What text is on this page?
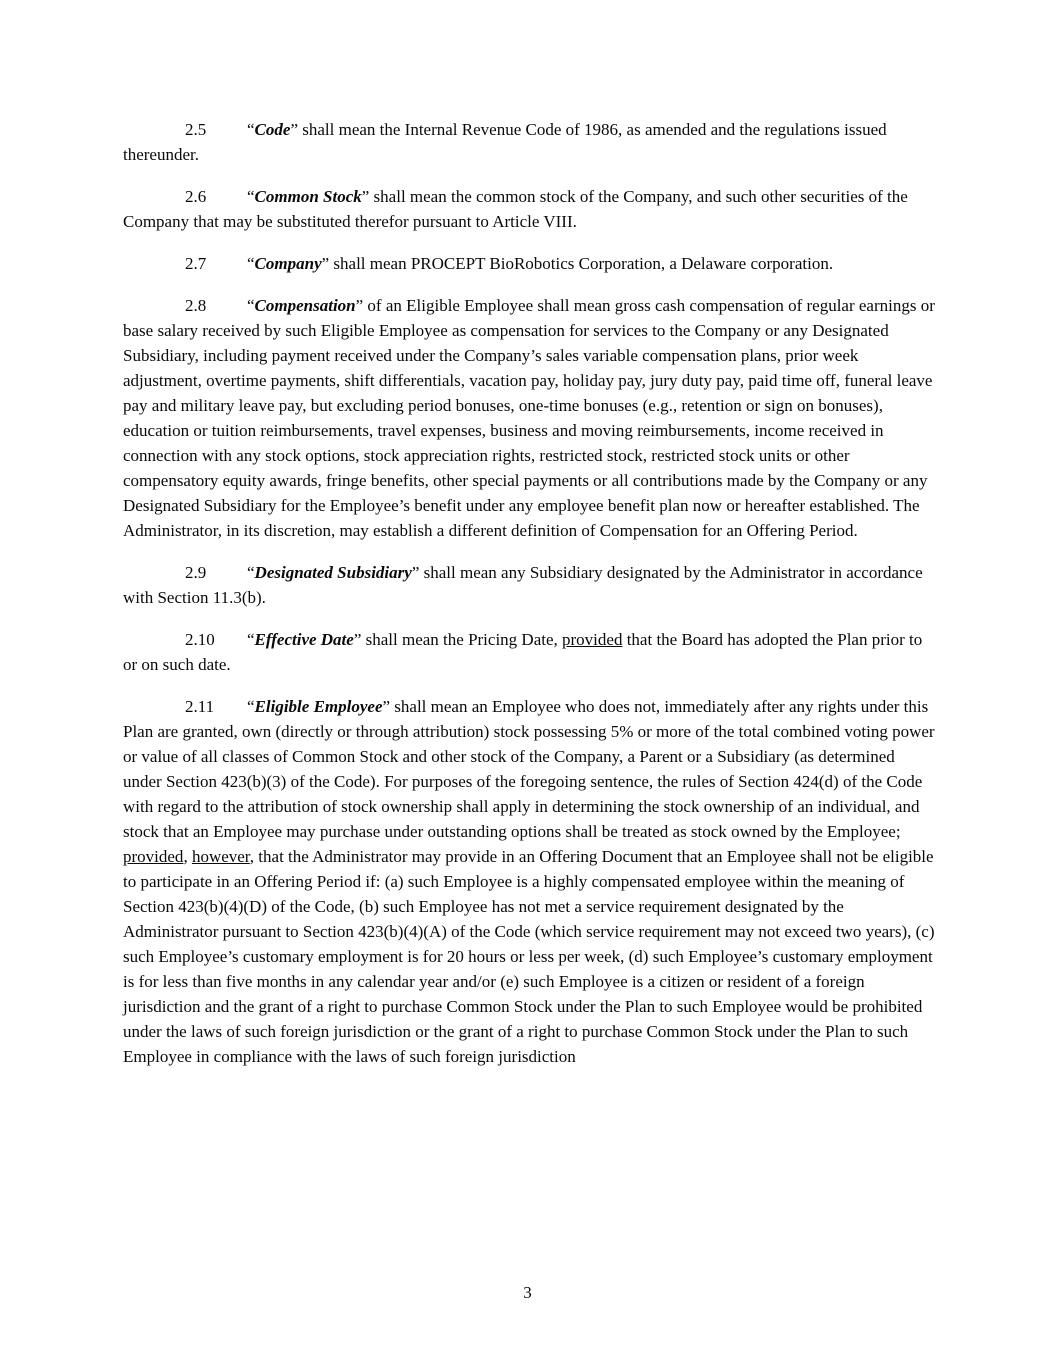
2.5 “Code” shall mean the Internal Revenue Code of 1986, as amended and the regulations issued thereunder.

2.6 “Common Stock” shall mean the common stock of the Company, and such other securities of the Company that may be substituted therefor pursuant to Article VIII.

2.7 “Company” shall mean PROCEPT BioRobotics Corporation, a Delaware corporation.

2.8 “Compensation” of an Eligible Employee shall mean gross cash compensation of regular earnings or base salary received by such Eligible Employee as compensation for services to the Company or any Designated Subsidiary, including payment received under the Company’s sales variable compensation plans, prior week adjustment, overtime payments, shift differentials, vacation pay, holiday pay, jury duty pay, paid time off, funeral leave pay and military leave pay, but excluding period bonuses, one-time bonuses (e.g., retention or sign on bonuses), education or tuition reimbursements, travel expenses, business and moving reimbursements, income received in connection with any stock options, stock appreciation rights, restricted stock, restricted stock units or other compensatory equity awards, fringe benefits, other special payments or all contributions made by the Company or any Designated Subsidiary for the Employee’s benefit under any employee benefit plan now or hereafter established. The Administrator, in its discretion, may establish a different definition of Compensation for an Offering Period.

2.9 “Designated Subsidiary” shall mean any Subsidiary designated by the Administrator in accordance with Section 11.3(b).

2.10 “Effective Date” shall mean the Pricing Date, provided that the Board has adopted the Plan prior to or on such date.

2.11 “Eligible Employee” shall mean an Employee who does not, immediately after any rights under this Plan are granted, own (directly or through attribution) stock possessing 5% or more of the total combined voting power or value of all classes of Common Stock and other stock of the Company, a Parent or a Subsidiary (as determined under Section 423(b)(3) of the Code). For purposes of the foregoing sentence, the rules of Section 424(d) of the Code with regard to the attribution of stock ownership shall apply in determining the stock ownership of an individual, and stock that an Employee may purchase under outstanding options shall be treated as stock owned by the Employee; provided, however, that the Administrator may provide in an Offering Document that an Employee shall not be eligible to participate in an Offering Period if: (a) such Employee is a highly compensated employee within the meaning of Section 423(b)(4)(D) of the Code, (b) such Employee has not met a service requirement designated by the Administrator pursuant to Section 423(b)(4)(A) of the Code (which service requirement may not exceed two years), (c) such Employee’s customary employment is for 20 hours or less per week, (d) such Employee’s customary employment is for less than five months in any calendar year and/or (e) such Employee is a citizen or resident of a foreign jurisdiction and the grant of a right to purchase Common Stock under the Plan to such Employee would be prohibited under the laws of such foreign jurisdiction or the grant of a right to purchase Common Stock under the Plan to such Employee in compliance with the laws of such foreign jurisdiction

3
